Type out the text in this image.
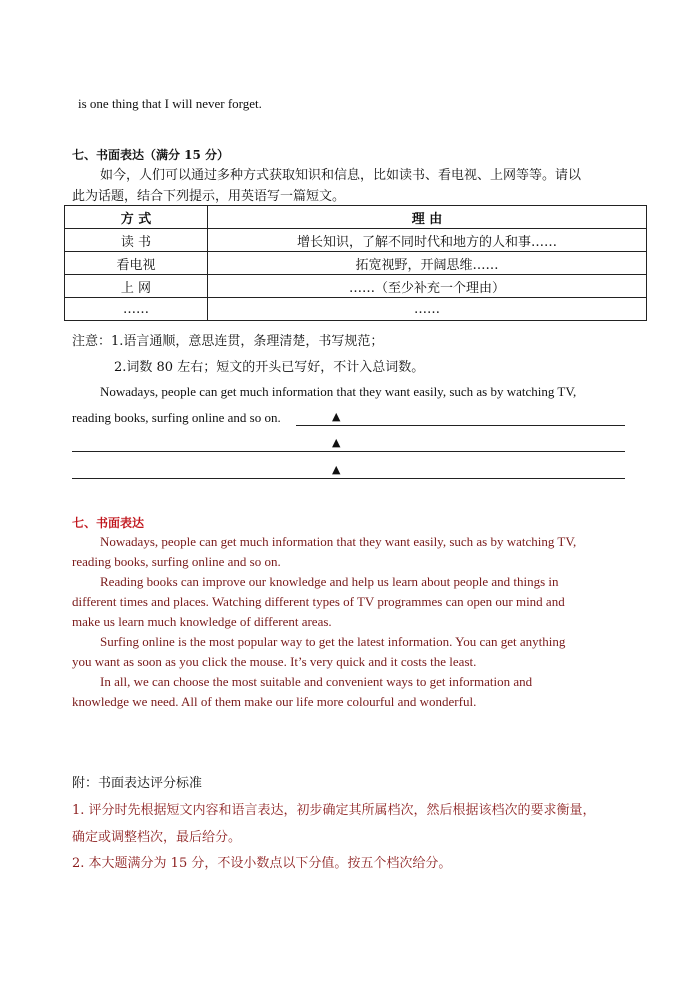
is one thing that I will never forget.
七、书面表达（满分 15 分）
如今，人们可以通过多种方式获取知识和信息，比如读书、看电视、上网等等。请以
此为话题，结合下列提示，用英语写一篇短文。
方 式	理 由
读 书	增长知识，了解不同时代和地方的人和事……
看电视	拓宽视野，开阔思维……
上 网	……（至少补充一个理由）
……	……
注意：1.语言通顺，意思连贯，条理清楚，书写规范；
2.词数 80 左右；短文的开头已写好，不计入总词数。
Nowadays, people can get much information that they want easily, such as by watching TV,
reading books, surfing online and so on.	▲
▲
▲
七、书面表达
Nowadays, people can get much information that they want easily, such as by watching TV,
reading books, surfing online and so on.
Reading books can improve our knowledge and help us learn about people and things in
different times and places. Watching different types of TV programmes can open our mind and
make us learn much knowledge of different areas.
Surfing online is the most popular way to get the latest information. You can get anything
you want as soon as you click the mouse. It’s very quick and it costs the least.
In all, we can choose the most suitable and convenient ways to get information and
knowledge we need. All of them make our life more colourful and wonderful.
附：书面表达评分标准
1. 评分时先根据短文内容和语言表达，初步确定其所属档次，然后根据该档次的要求衡量，
确定或调整档次，最后给分。
2. 本大题满分为 15 分，不设小数点以下分值。按五个档次给分。
